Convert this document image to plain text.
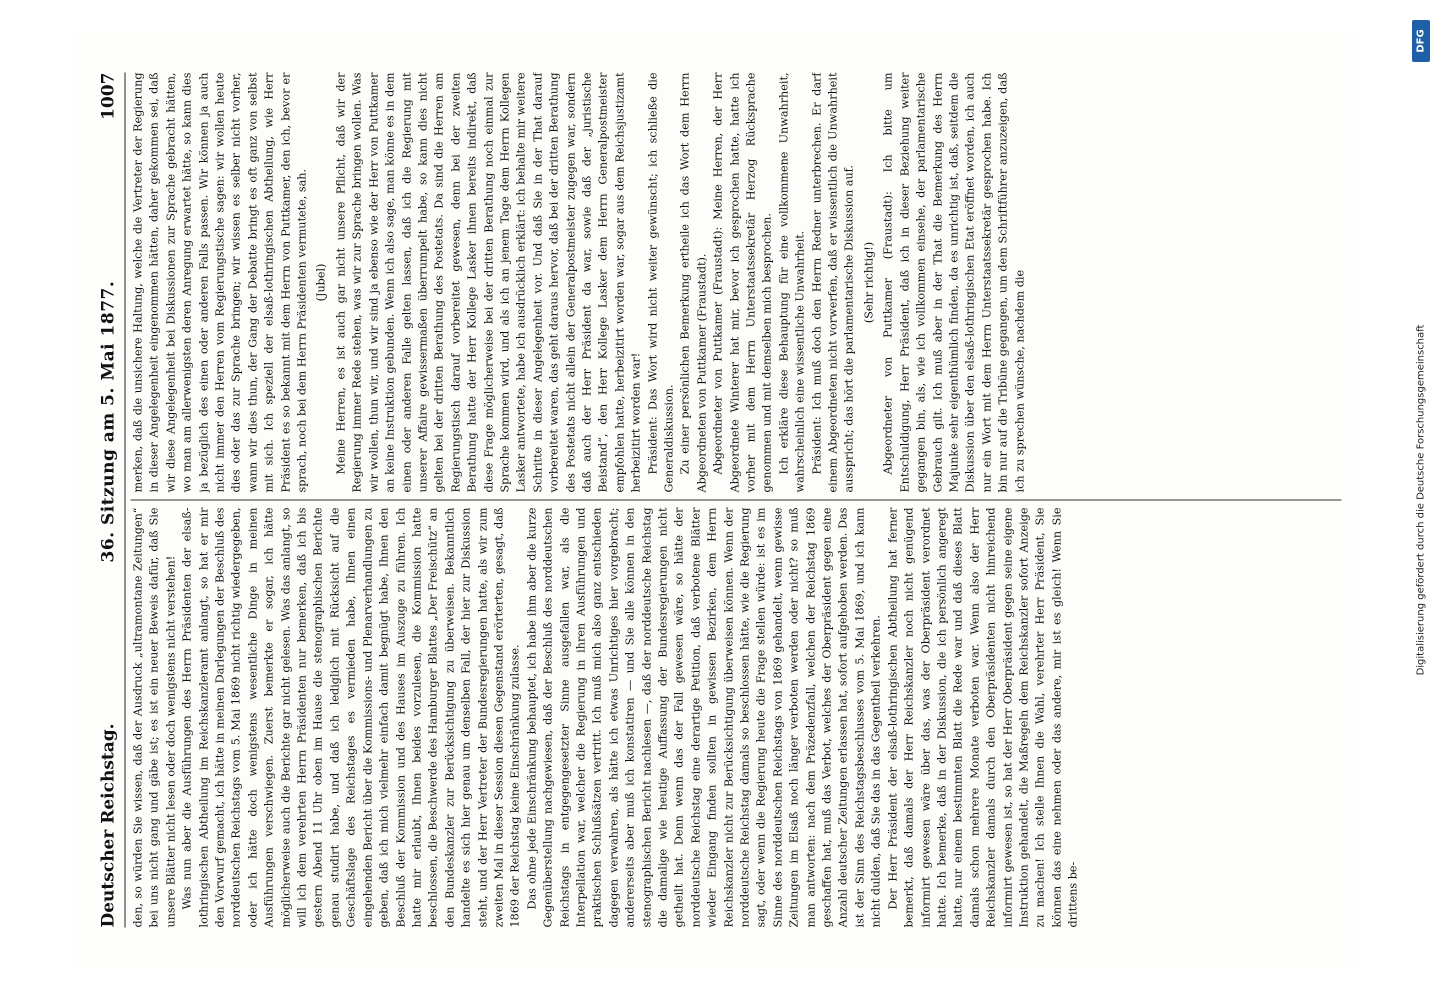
Deutscher Reichstag.
36. Sitzung am 5. Mai 1877.
1007

den, so würden Sie wissen, daß der Ausdruck „ultramontane Zeitungen“ bei uns nicht gang und gäbe ist; es ist ein neuer Beweis dafür, daß Sie unsere Blätter nicht lesen oder doch wenigstens nicht verstehen! Was nun aber die Ausführungen des Herrn Präsidenten der elsaß-lothringischen Abtheilung im Reichskanzleramt anlangt, so hat er mir den Vorwurf gemacht, ich hätte in meinen Darlegungen der Beschluß des norddeutschen Reichstags vom 5. Mai 1869 nicht richtig wiedergegeben, oder ich hätte doch wenigstens wesentliche Dinge in meinen Ausführungen verschwiegen. Zuerst bemerkte er sogar, ich hätte möglicherweise auch die Berichte gar nicht gelesen. Was das anlangt, so will ich dem verehrten Herrn Präsidenten nur bemerken, daß ich bis gestern Abend 11 Uhr oben im Hause die stenographischen Berichte genau studirt habe, und daß ich lediglich mit Rücksicht auf die Geschäftslage des Reichstages es vermieden habe, Ihnen einen eingehenden Bericht über die Kommissions- und Plenarverhandlungen zu geben, daß ich mich vielmehr einfach damit begnügt habe, Ihnen den Beschluß der Kommission und des Hauses im Auszuge zu führen. Ich hatte mir erlaubt, Ihnen beides vorzulesen, die Kommission hatte beschlossen, die Beschwerde des Hamburger Blattes „Der Freischütz“ an den Bundeskanzler zur Berücksichtigung zu überweisen. Bekanntlich handelte es sich hier genau um denselben Fall, der hier zur Diskussion steht, und der Herr Vertreter der Bundesregierungen hatte, als wir zum zweiten Mal in dieser Session diesen Gegenstand erörterten, gesagt, daß 1869 der Reichstag keine Einschränkung zulasse. Das ohne jede Einschränkung behauptet, ich habe ihm aber die kurze Gegenüberstellung nachgewiesen, daß der Beschluß des norddeutschen Reichstags in entgegengesetzter Sinne ausgefallen war, als die Interpellation war, welcher die Regierung in ihren Ausführungen und praktischen Schlußsätzen vertritt. Ich muß mich also ganz entschieden dagegen verwahren, als hätte ich etwas Unrichtiges hier vorgebracht; andererseits aber muß ich konstatiren — und Sie alle können in den stenographischen Bericht nachlesen —, daß der norddeutsche Reichstag die damalige wie heutige Auffassung der Bundesregierungen nicht getheilt hat. Denn wenn das der Fall gewesen wäre, so hätte der norddeutsche Reichstag eine derartige Petition, daß verbotene Blätter wieder Eingang finden sollten in gewissen Bezirken, dem Herrn Reichskanzler nicht zur Berücksichtigung überweisen können. Wenn der norddeutsche Reichstag damals so beschlossen hätte, wie die Regierung sagt, oder wenn die Regierung heute die Frage stellen würde: ist es im Sinne des norddeutschen Reichstags von 1869 gehandelt, wenn gewisse Zeitungen im Elsaß noch länger verboten werden oder nicht? so muß man antworten: nach dem Präzedenzfall, welchen der Reichstag 1869 geschaffen hat, muß das Verbot, welches der Oberpräsident gegen eine Anzahl deutscher Zeitungen erlassen hat, sofort aufgehoben werden. Das ist der Sinn des Reichstagsbeschlusses vom 5. Mai 1869, und ich kann nicht dulden, daß Sie das in das Gegentheil verkehren. Der Herr Präsident der elsaß-lothringischen Abtheilung hat ferner bemerkt, daß damals der Herr Reichskanzler noch nicht genügend informirt gewesen wäre über das, was der Oberpräsident verordnet hatte. Ich bemerke, daß in der Diskussion, die ich persönlich angeregt hatte, nur einem bestimmten Blatt die Rede war und daß dieses Blatt damals schon mehrere Monate verboten war. Wenn also der Herr Reichskanzler damals durch den Oberpräsidenten nicht hinreichend informirt gewesen ist, so hat der Herr Oberpräsident gegen seine eigene Instruktion gehandelt, die Maßregeln dem Reichskanzler sofort Anzeige zu machen! Ich stelle Ihnen die Wahl, verehrter Herr Präsident, Sie können das eine nehmen oder das andere, mir ist es gleich! Wenn Sie drittens be-

merken, daß die unsichere Haltung, welche die Vertreter der Regierung in dieser Angelegenheit eingenommen hätten, daher gekommen sei, daß wir diese Angelegenheit bei Diskussionen zur Sprache gebracht hätten, wo man am allerwenigsten deren Anregung erwartet hätte, so kann dies ja bezüglich des einen oder anderen Falls passen. Wir können ja auch nicht immer den Herren vom Regierungstische sagen: wir wollen heute dies oder das zur Sprache bringen; wir wissen es selber nicht vorher, wann wir dies thun, der Gang der Debatte bringt es oft ganz von selbst mit sich. Ich speziell der elsaß-lothringischen Abtheilung, wie Herr Präsident es so bekannt mit dem Herrn von Puttkamer, den ich, bevor er sprach, noch bei dem Herrn Präsidenten vermutete, sah. (Jubel) Meine Herren, es ist auch gar nicht unsere Pflicht, daß wir der Regierung immer Rede stehen, was wir zur Sprache bringen wollen. Was wir wollen, thun wir, und wir sind ja ebenso wie der Herr von Puttkamer an keine Instruktion gebunden. Wenn ich also sage, man könne es in dem einen oder anderen Falle gelten lassen, daß ich die Regierung mit unserer Affaire gewissermaßen überrumpelt habe, so kann dies nicht gelten bei der dritten Berathung des Postetats. Da sind die Herren am Regierungstisch darauf vorbereitet gewesen, denn bei der zweiten Berathung hatte der Herr Kollege Lasker ihnen bereits indirekt, daß diese Frage möglicherweise bei der dritten Berathung noch einmal zur Sprache kommen wird, und als ich an jenem Tage dem Herrn Kollegen Lasker antwortete, habe ich ausdrücklich erklärt: ich behalte mir weitere Schritte in dieser Angelegenheit vor. Und daß Sie in der That darauf vorbereitet waren, das geht daraus hervor, daß bei der dritten Berathung des Postetats nicht allein der Generalpostmeister zugegen war, sondern daß auch der Herr Präsident da war, sowie daß der „juristische Beistand“, den Herr Kollege Lasker dem Herrn Generalpostmeister empfohlen hatte, herbeizitirt worden war, sogar aus dem Reichsjustizamt herbeizitirt worden war! Präsident: Das Wort wird nicht weiter gewünscht; ich schließe die Generaldiskussion. Zu einer persönlichen Bemerkung ertheile ich das Wort dem Herrn Abgeordneten von Puttkamer (Fraustadt). Abgeordneter von Puttkamer (Fraustadt): Meine Herren, der Herr Abgeordnete Winterer hat mir, bevor ich gesprochen hatte, hatte ich vorher mit dem Herrn Unterstaatssekretär Herzog Rücksprache genommen und mit demselben mich besprochen. Ich erkläre diese Behauptung für eine vollkommene Unwahrheit, wahrscheinlich eine wissentliche Unwahrheit. Präsident: Ich muß doch den Herrn Redner unterbrechen. Er darf einem Abgeordneten nicht vorwerfen, daß er wissentlich die Unwahrheit ausspricht; das hört die parlamentarische Diskussion auf. (Sehr richtig!) Abgeordneter von Puttkamer (Fraustadt): Ich bitte um Entschuldigung, Herr Präsident, daß ich in dieser Beziehung weiter gegangen bin, als, wie ich vollkommen einsehe, der parlamentarische Gebrauch gilt. Ich muß aber in der That die Bemerkung des Herrn Majunke sehr eigenthümlich finden, da es unrichtig ist, daß, seitdem die Diskussion über den elsaß-lothringischen Etat eröffnet worden, ich auch nur ein Wort mit dem Herrn Unterstaatssekretär gesprochen habe. Ich bin nur auf die Tribüne gegangen, um dem Schriftführer anzuzeigen, daß ich zu sprechen wünsche, nachdem die	Digitalisierung gefördert durch die Deutsche Forschungsgemeinschaft
DFG
